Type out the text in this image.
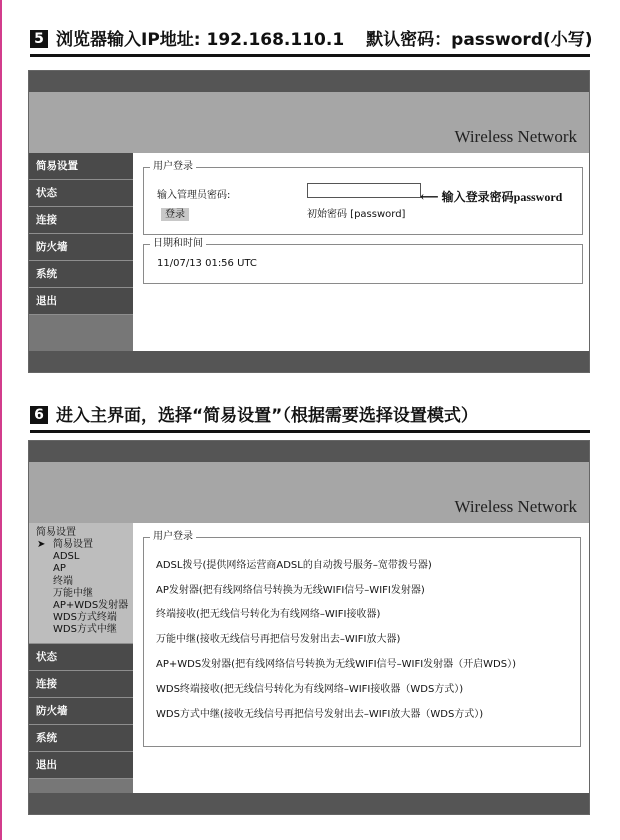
5 浏览器输入IP地址: 192.168.110.1 默认密码：password(小写)
Wireless Network
简易设置
状态
连接
防火墙
系统
退出
用户登录
输入管理员密码:
登录	初始密码 [password]
日期和时间
11/07/13 01:56 UTC
⟵ 输入登录密码password
6 进入主界面，选择“简易设置”（根据需要选择设置模式）
Wireless Network
简易设置
➤ 简易设置
ADSL
AP
终端
万能中继
AP+WDS发射器
WDS方式终端
WDS方式中继
状态
连接
防火墙
系统
退出
用户登录
ADSL拨号(提供网络运营商ADSL的自动拨号服务–宽带拨号器)
AP发射器(把有线网络信号转换为无线WIFI信号–WIFI发射器)
终端接收(把无线信号转化为有线网络–WIFI接收器)
万能中继(接收无线信号再把信号发射出去–WIFI放大器)
AP+WDS发射器(把有线网络信号转换为无线WIFI信号–WIFI发射器（开启WDS）)
WDS终端接收(把无线信号转化为有线网络–WIFI接收器（WDS方式）)
WDS方式中继(接收无线信号再把信号发射出去–WIFI放大器（WDS方式）)
